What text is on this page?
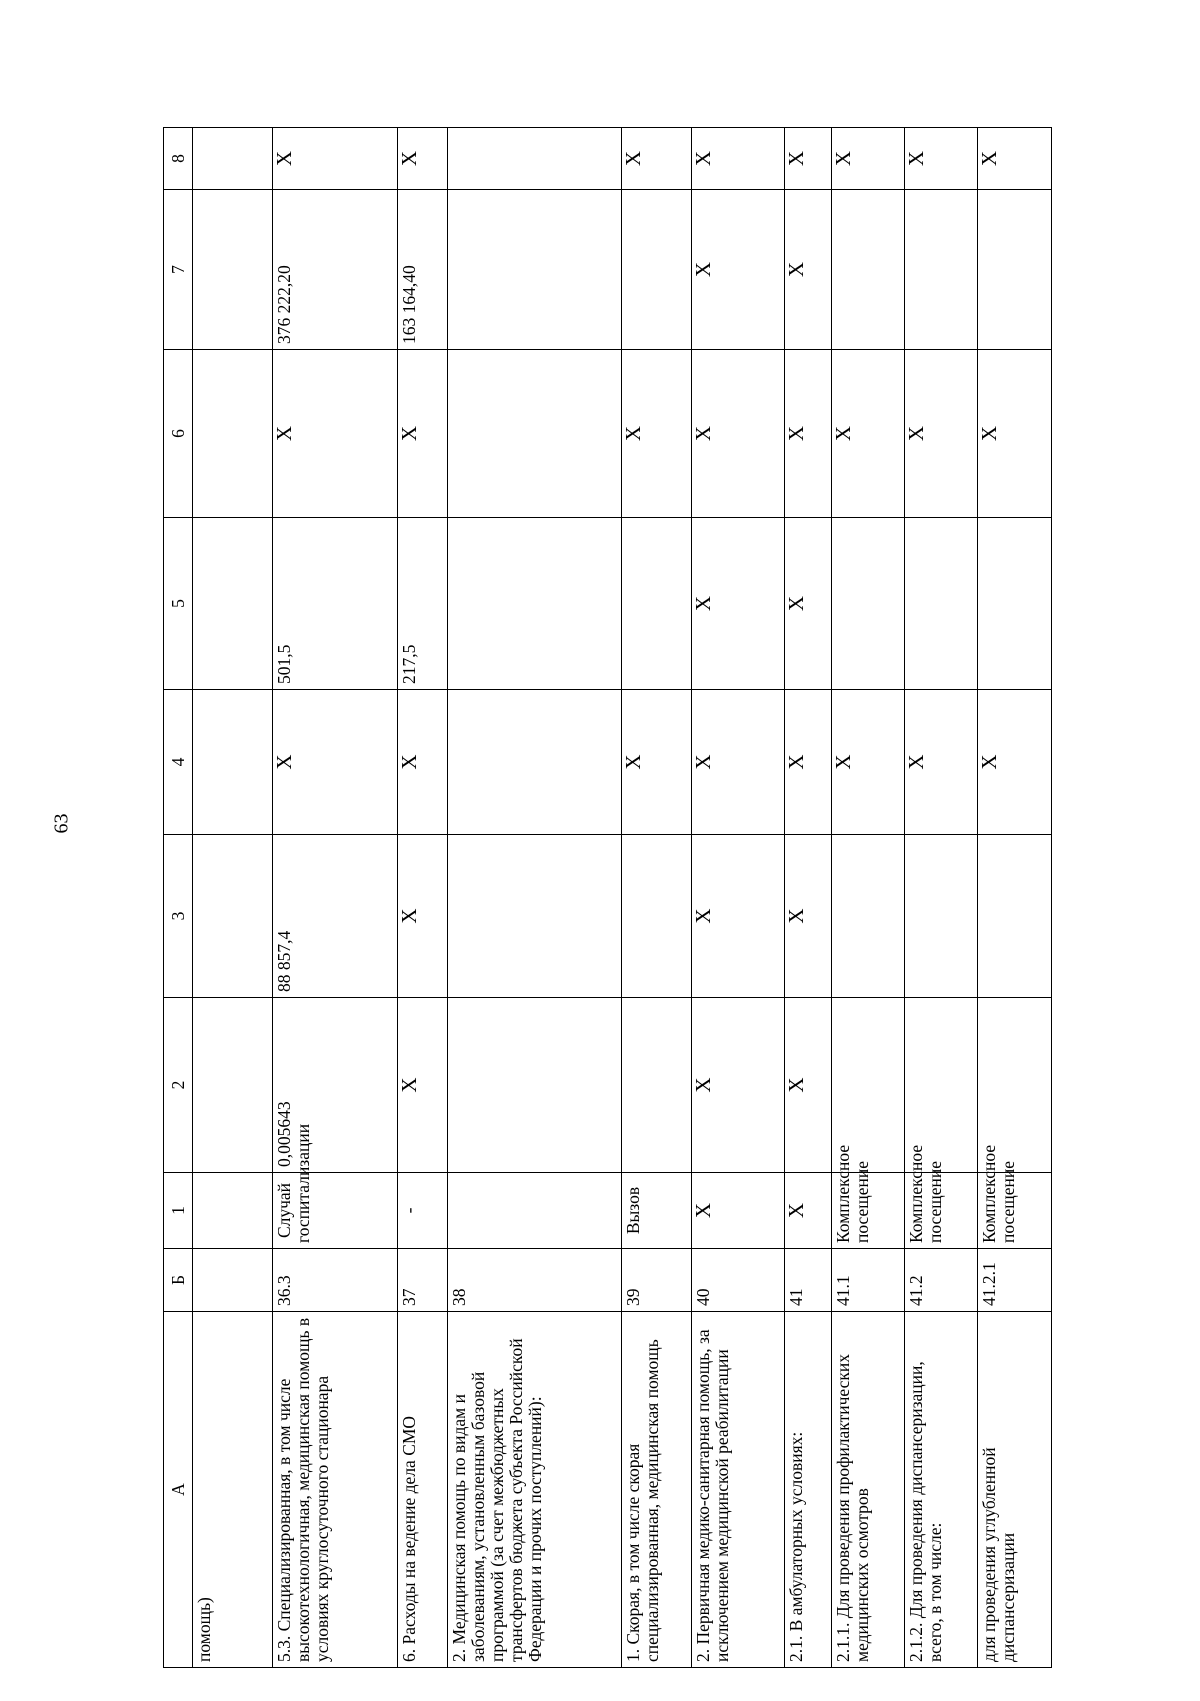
63
А	Б	1	2	3	4	5	6	7	8
помощь)									
5.3. Специализированная, в том числе высокотехнологичная, медицинская помощь в условиях круглосуточного стационара	36.3	Случай госпитализации	0,005643	88 857,4	X	501,5	X	376 222,20	X
6. Расходы на ведение дела СМО	37	-	X	X	X	217,5	X	163 164,40	X
2. Медицинская помощь по видам и заболеваниям, установленным базовой программой (за счет межбюджетных трансфертов бюджета субъекта Российской Федерации и прочих поступлений):	38								
1. Скорая, в том числе скорая специализированная, медицинская помощь	39	Вызов			X		X		X
2. Первичная медико-санитарная помощь, за исключением медицинской реабилитации	40	X	X	X	X	X	X	X	X
2.1. В амбулаторных условиях:	41	X	X	X	X	X	X	X	X
2.1.1. Для проведения профилактических медицинских осмотров	41.1	Комплексное посещение			X		X		X
2.1.2. Для проведения диспансеризации, всего, в том числе:	41.2	Комплексное посещение			X		X		X
для проведения углубленной диспансеризации	41.2.1	Комплексное посещение			X		X		X
